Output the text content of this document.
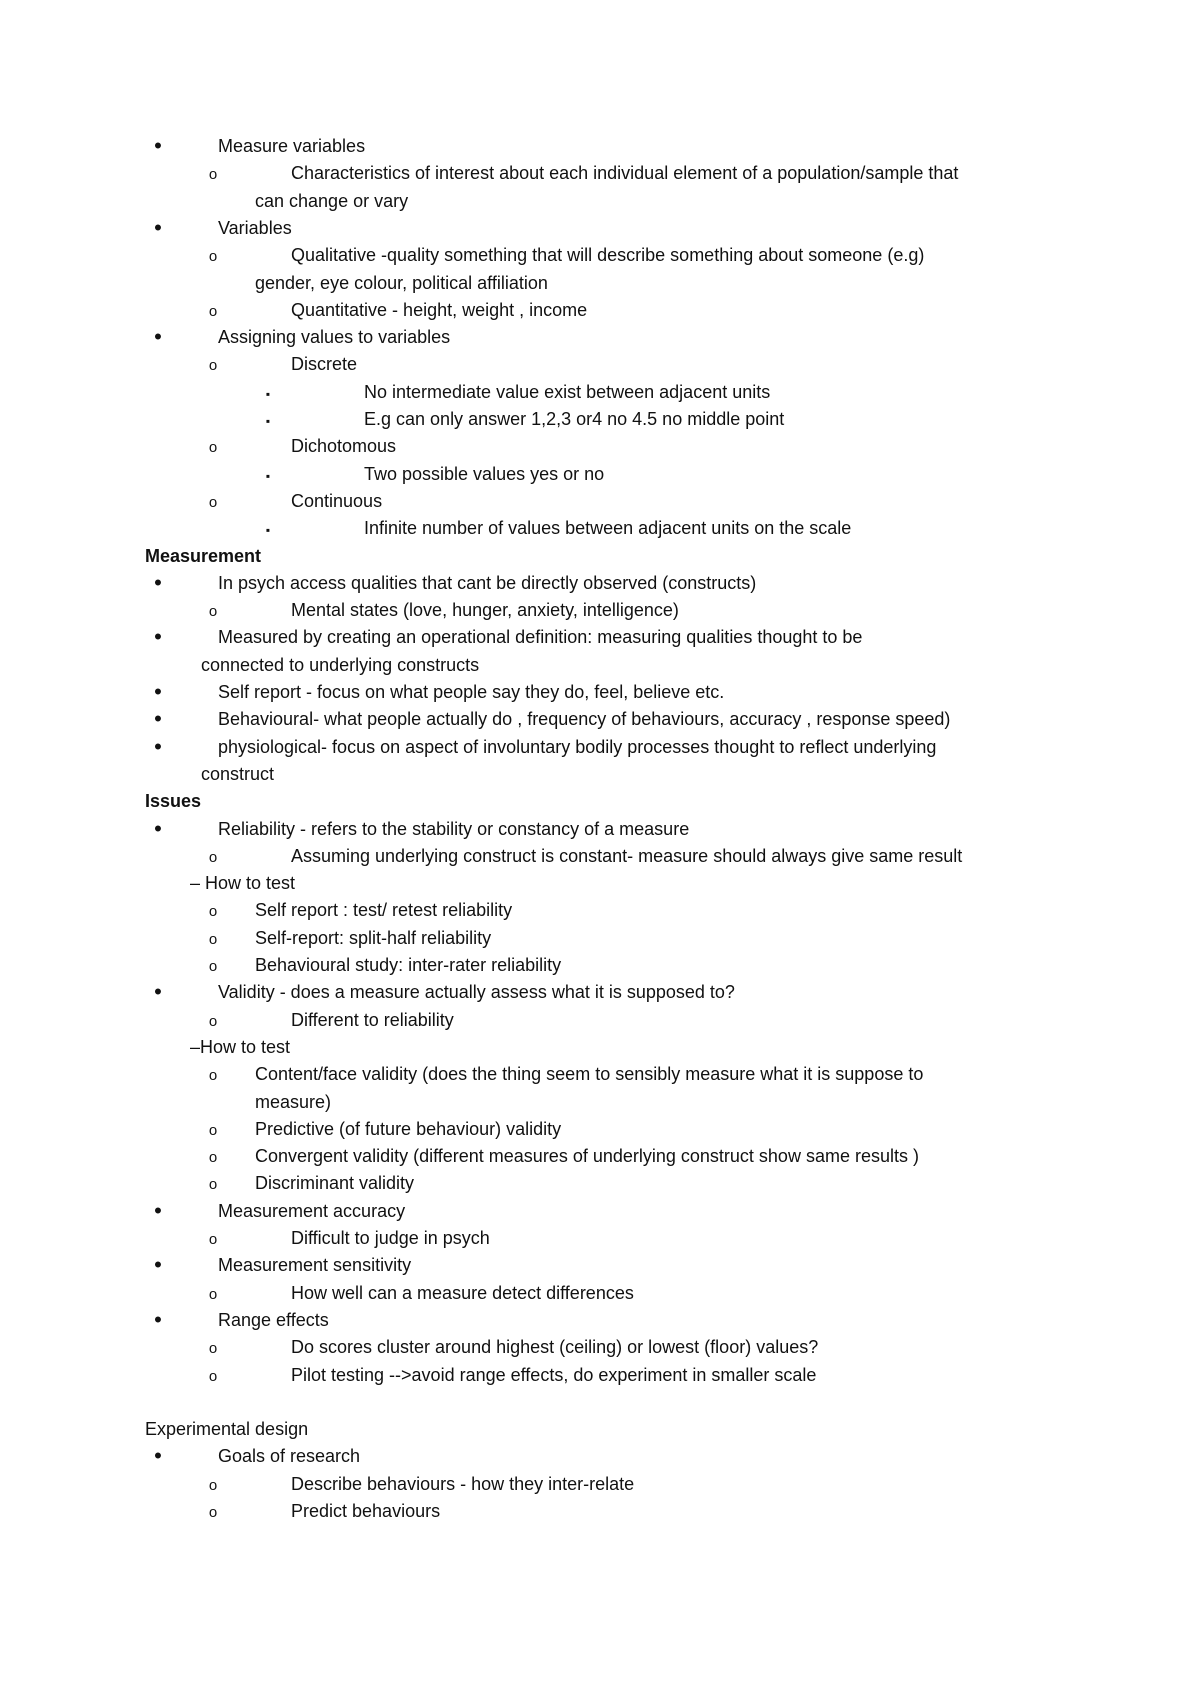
•
Measure variables
o
Characteristics of interest about each individual element of a population/sample that
can change or vary
•
Variables
o
Qualitative -quality something that will describe something about someone (e.g)
gender, eye colour, political affiliation
o
Quantitative - height, weight , income
•
Assigning values to variables
o
Discrete
▪
No intermediate value exist between adjacent units
▪
E.g can only answer 1,2,3 or4 no 4.5 no middle point
o
Dichotomous
▪
Two possible values yes or no
o
Continuous
▪
Infinite number of values between adjacent units on the scale
Measurement
•
In psych access qualities that cant be directly observed (constructs)
o
Mental states (love, hunger, anxiety, intelligence)
•
Measured by creating an operational definition: measuring qualities thought to be
connected to underlying constructs
•
Self report - focus on what people say they do, feel, believe etc.
•
Behavioural- what people actually do , frequency of behaviours, accuracy , response speed)
•
physiological- focus on aspect of involuntary bodily processes thought to reflect underlying
construct
Issues
•
Reliability - refers to the stability or constancy of a measure
o
Assuming underlying construct is constant- measure should always give same result
– How to test
o
Self report : test/ retest reliability
o
Self-report: split-half reliability
o
Behavioural study: inter-rater reliability
•
Validity - does a measure actually assess what it is supposed to?
o
Different to reliability
–How to test
o
Content/face validity (does the thing seem to sensibly measure what it is suppose to
measure)
o
Predictive (of future behaviour) validity
o
Convergent validity (different measures of underlying construct show same results )
o
Discriminant validity
•
Measurement accuracy
o
Difficult to judge in psych
•
Measurement sensitivity
o
How well can a measure detect differences
•
Range effects
o
Do scores cluster around highest (ceiling) or lowest (floor) values?
o
Pilot testing -->avoid range effects, do experiment in smaller scale
Experimental design
•
Goals of research
o
Describe behaviours - how they inter-relate
o
Predict behaviours
